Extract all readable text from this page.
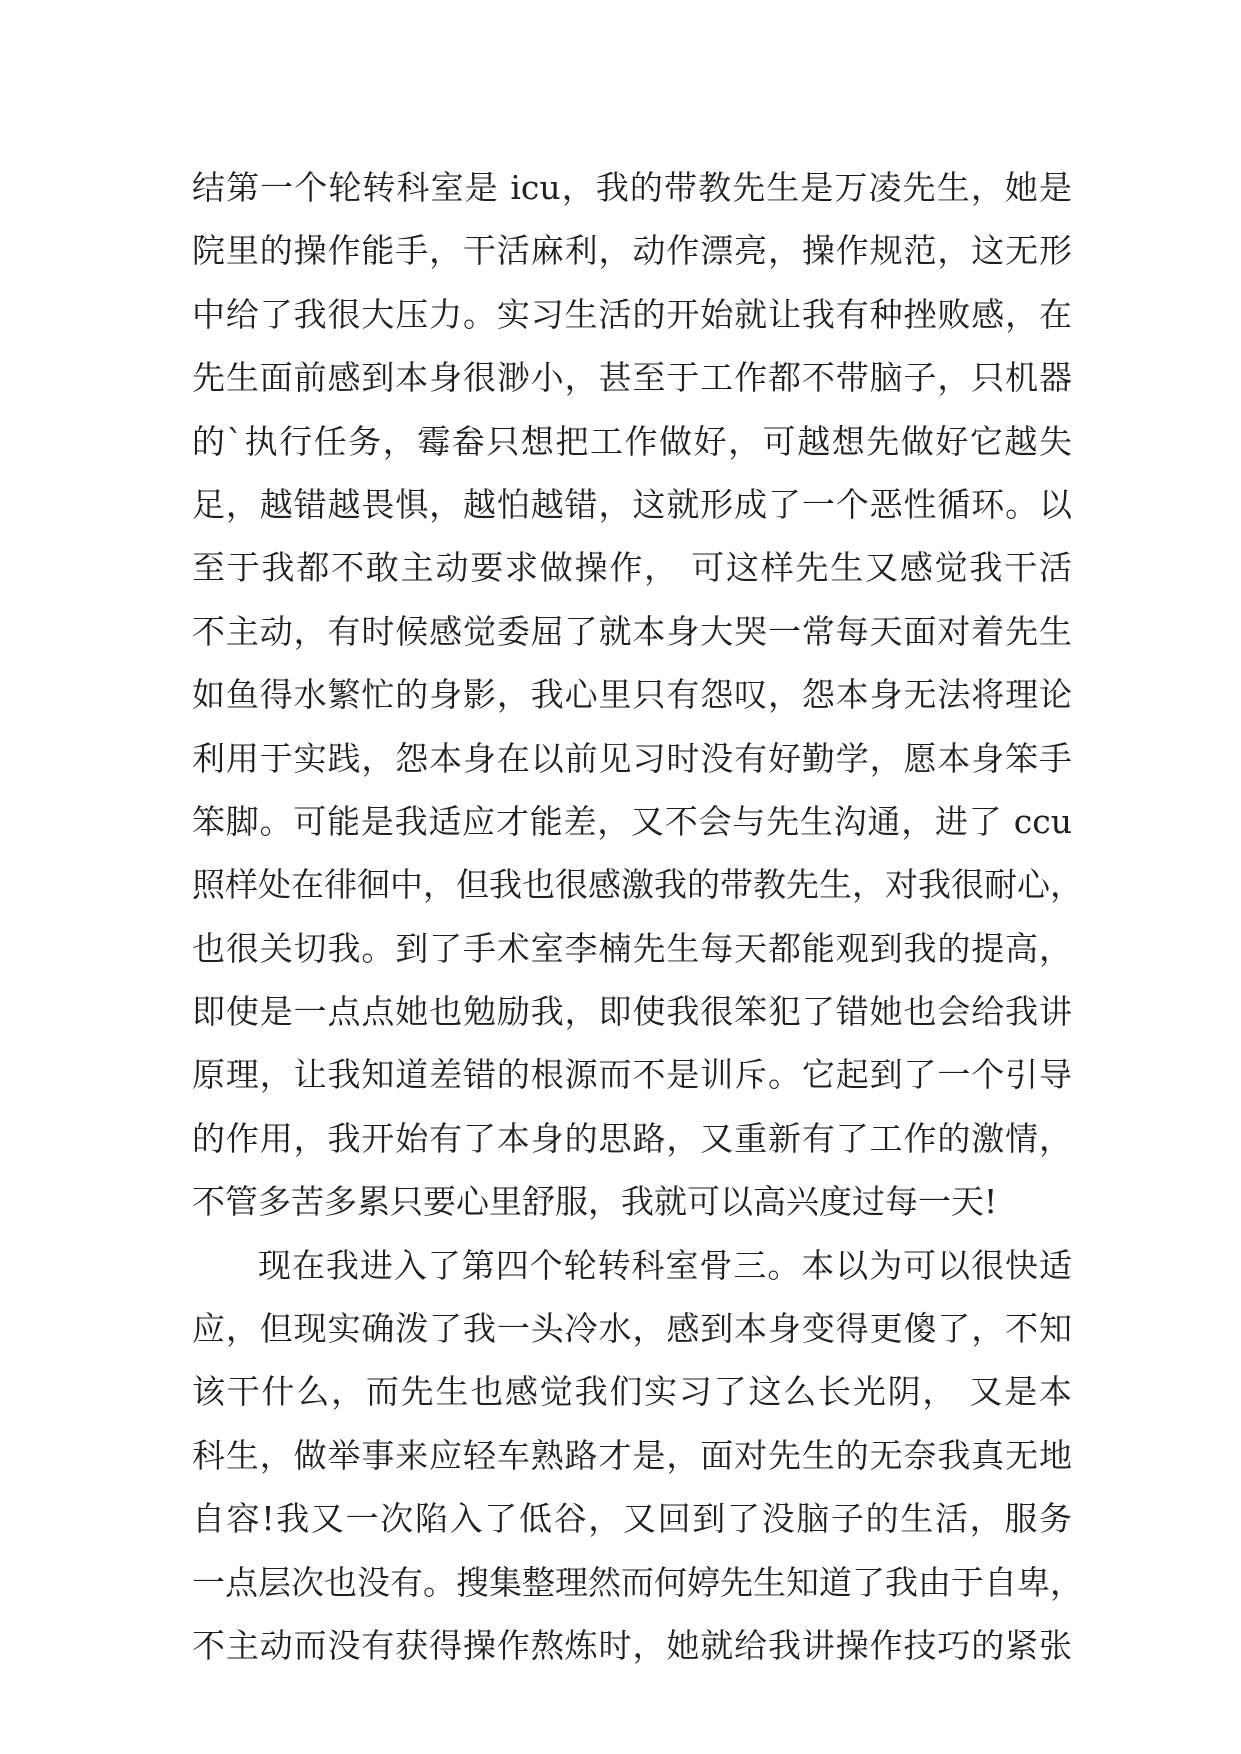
结第一个轮转科室是 icu，我的带教先生是万凌先生，她是
院里的操作能手，干活麻利，动作漂亮，操作规范，这无形
中给了我很大压力。实习生活的开始就让我有种挫败感，在
先生面前感到本身很渺小，甚至于工作都不带脑子，只机器
的`执行任务，霉畚只想把工作做好，可越想先做好它越失
足，越错越畏惧，越怕越错，这就形成了一个恶性循环。以
至于我都不敢主动要求做操作， 可这样先生又感觉我干活
不主动，有时候感觉委屈了就本身大哭一常每天面对着先生
如鱼得水繁忙的身影，我心里只有怨叹，怨本身无法将理论
利用于实践，怨本身在以前见习时没有好勤学，愿本身笨手
笨脚。可能是我适应才能差，又不会与先生沟通，进了 ccu
照样处在徘徊中，但我也很感激我的带教先生，对我很耐心，
也很关切我。到了手术室李楠先生每天都能观到我的提高，
即使是一点点她也勉励我，即使我很笨犯了错她也会给我讲
原理，让我知道差错的根源而不是训斥。它起到了一个引导
的作用，我开始有了本身的思路，又重新有了工作的激情，
不管多苦多累只要心里舒服，我就可以高兴度过每一天!
现在我进入了第四个轮转科室骨三。本以为可以很快适
应，但现实确泼了我一头冷水，感到本身变得更傻了，不知
该干什么，而先生也感觉我们实习了这么长光阴， 又是本
科生，做举事来应轻车熟路才是，面对先生的无奈我真无地
自容!我又一次陷入了低谷，又回到了没脑子的生活，服务
一点层次也没有。搜集整理然而何婷先生知道了我由于自卑，
不主动而没有获得操作熬炼时，她就给我讲操作技巧的紧张
